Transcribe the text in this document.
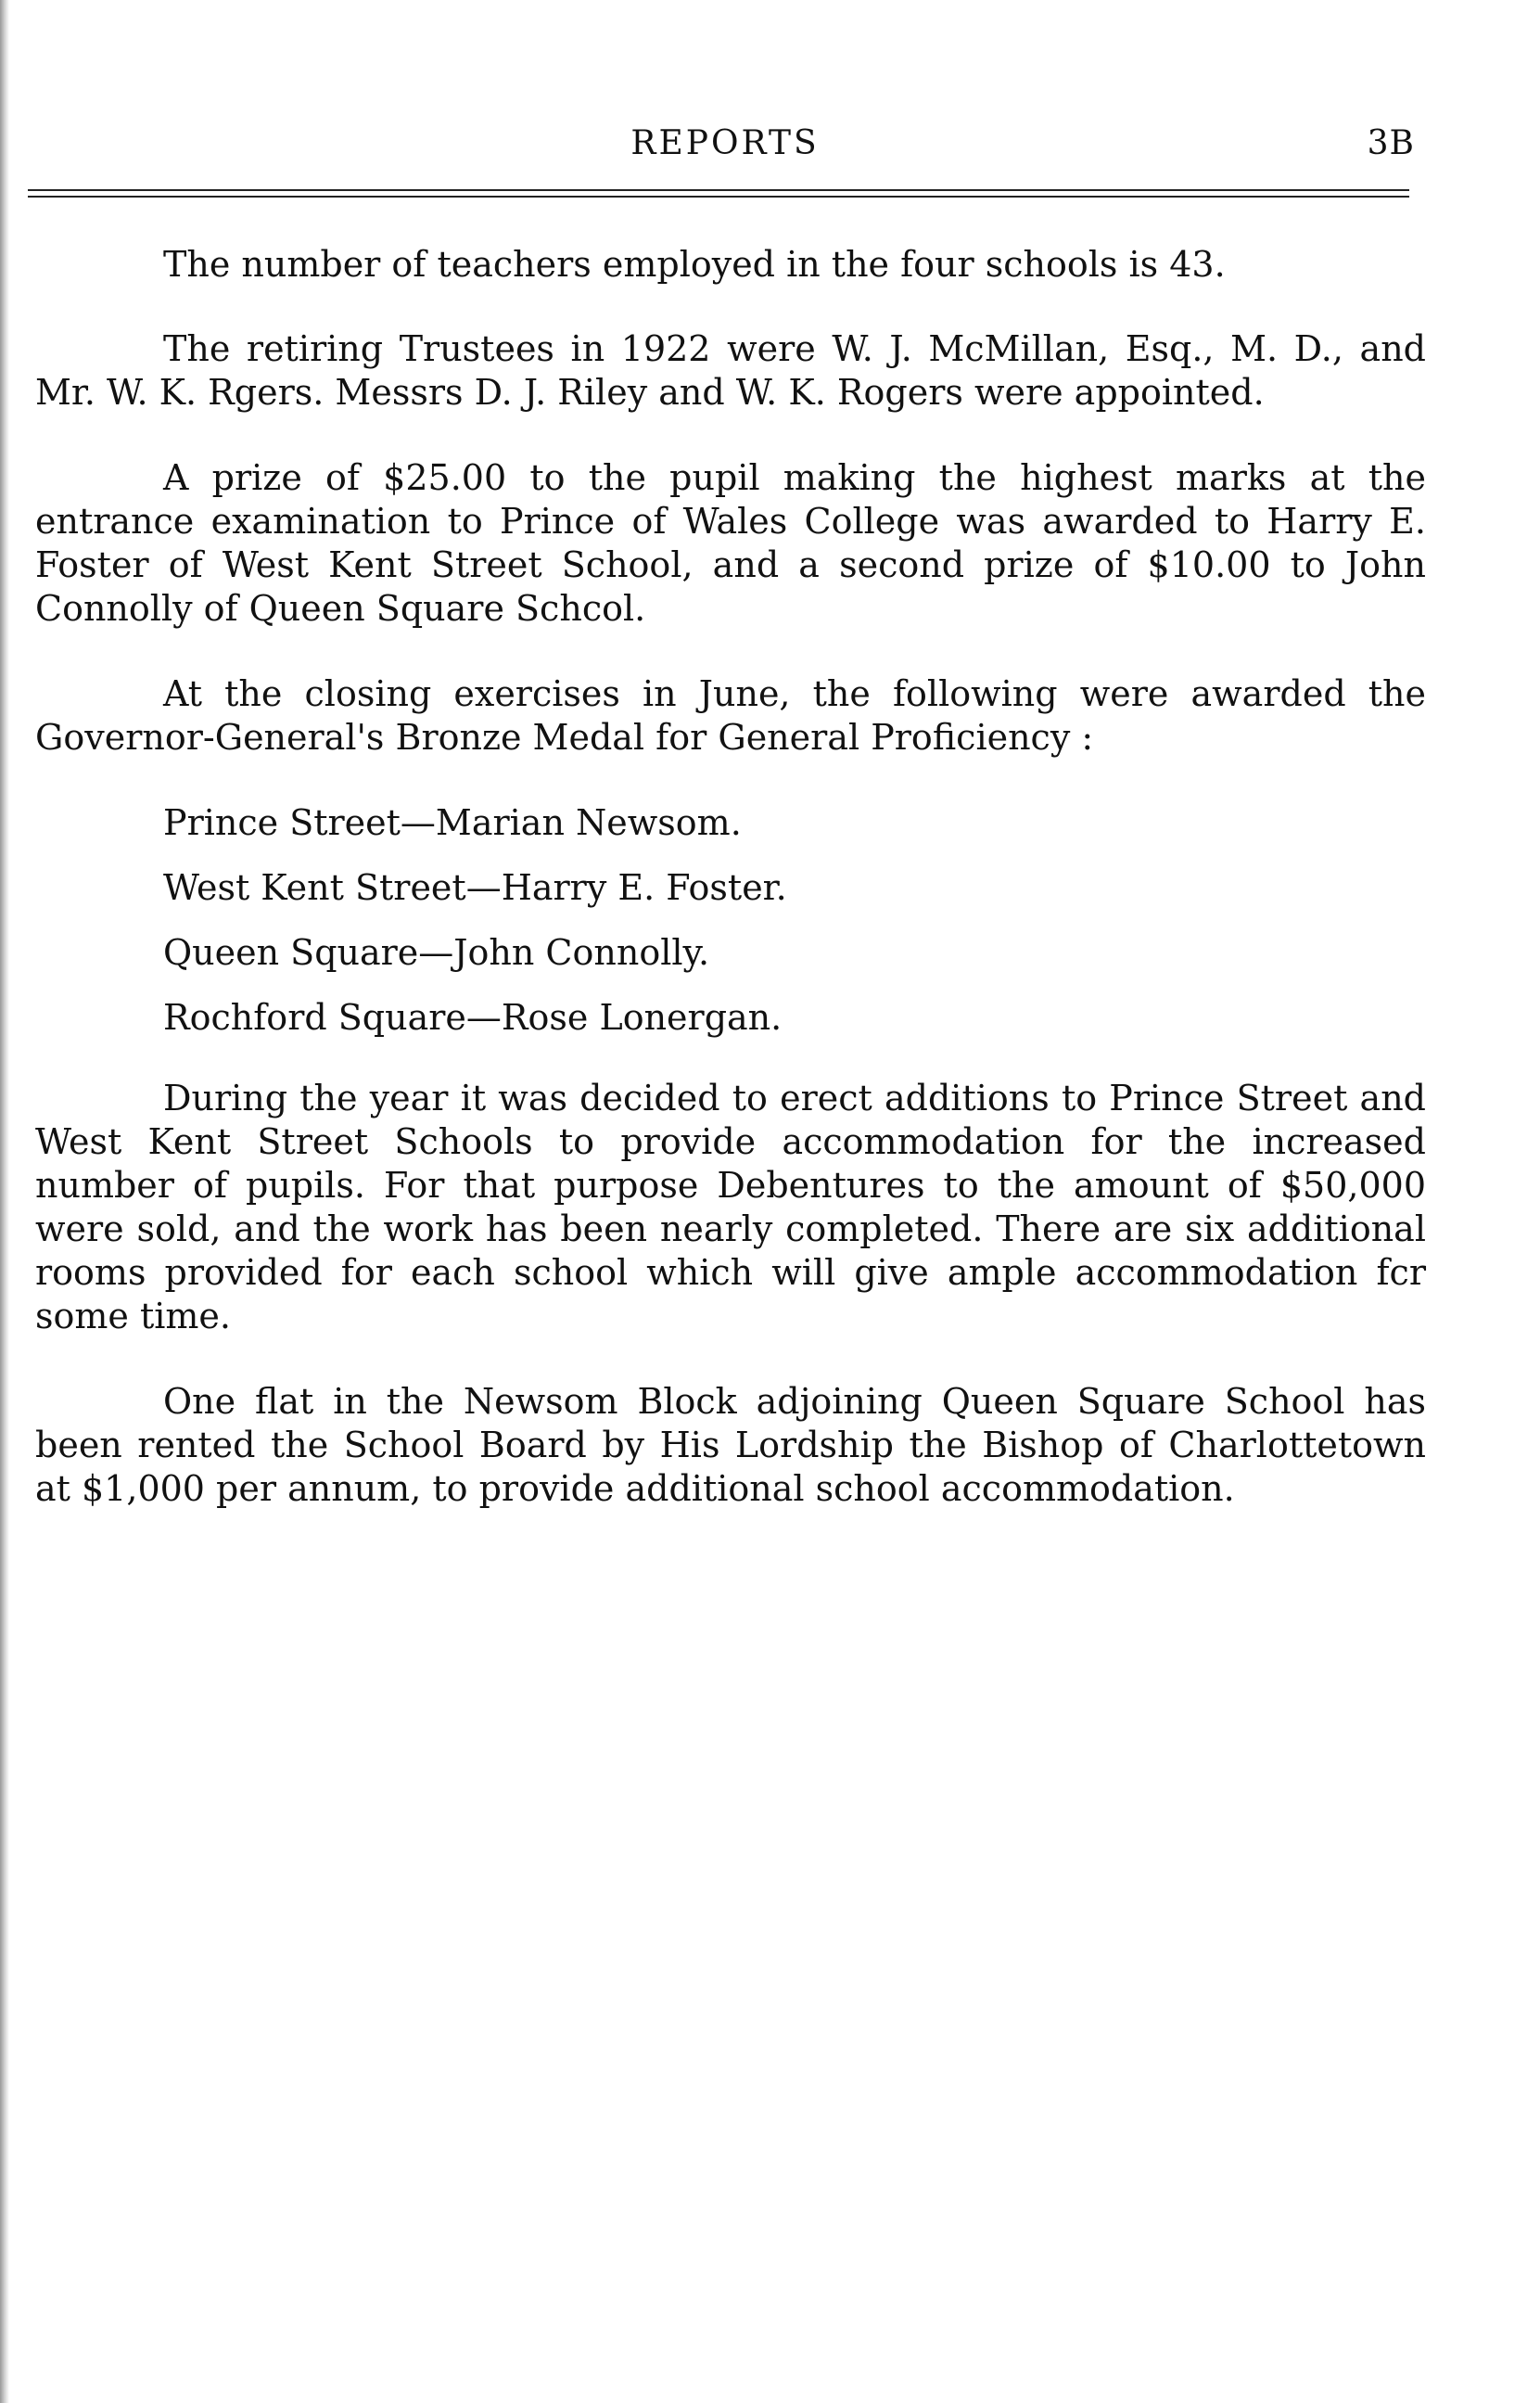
REPORTS	3B

The number of teachers employed in the four schools is 43.

The retiring Trustees in 1922 were W. J. McMillan, Esq., M. D., and Mr. W. K. Rgers. Messrs D. J. Riley and W. K. Rogers were appointed.

A prize of $25.00 to the pupil making the highest marks at the entrance examination to Prince of Wales College was awarded to Harry E. Foster of West Kent Street School, and a second prize of $10.00 to John Connolly of Queen Square Schcol.

At the closing exercises in June, the following were awarded the Governor-General's Bronze Medal for General Proficiency :

Prince Street—Marian Newsom.
West Kent Street—Harry E. Foster.
Queen Square—John Connolly.
Rochford Square—Rose Lonergan.

During the year it was decided to erect additions to Prince Street and West Kent Street Schools to provide accommodation for the increased number of pupils. For that purpose Debentures to the amount of $50,000 were sold, and the work has been nearly completed. There are six additional rooms provided for each school which will give ample accommodation fcr some time.

One flat in the Newsom Block adjoining Queen Square School has been rented the School Board by His Lordship the Bishop of Charlottetown at $1,000 per annum, to provide additional school accommodation.
